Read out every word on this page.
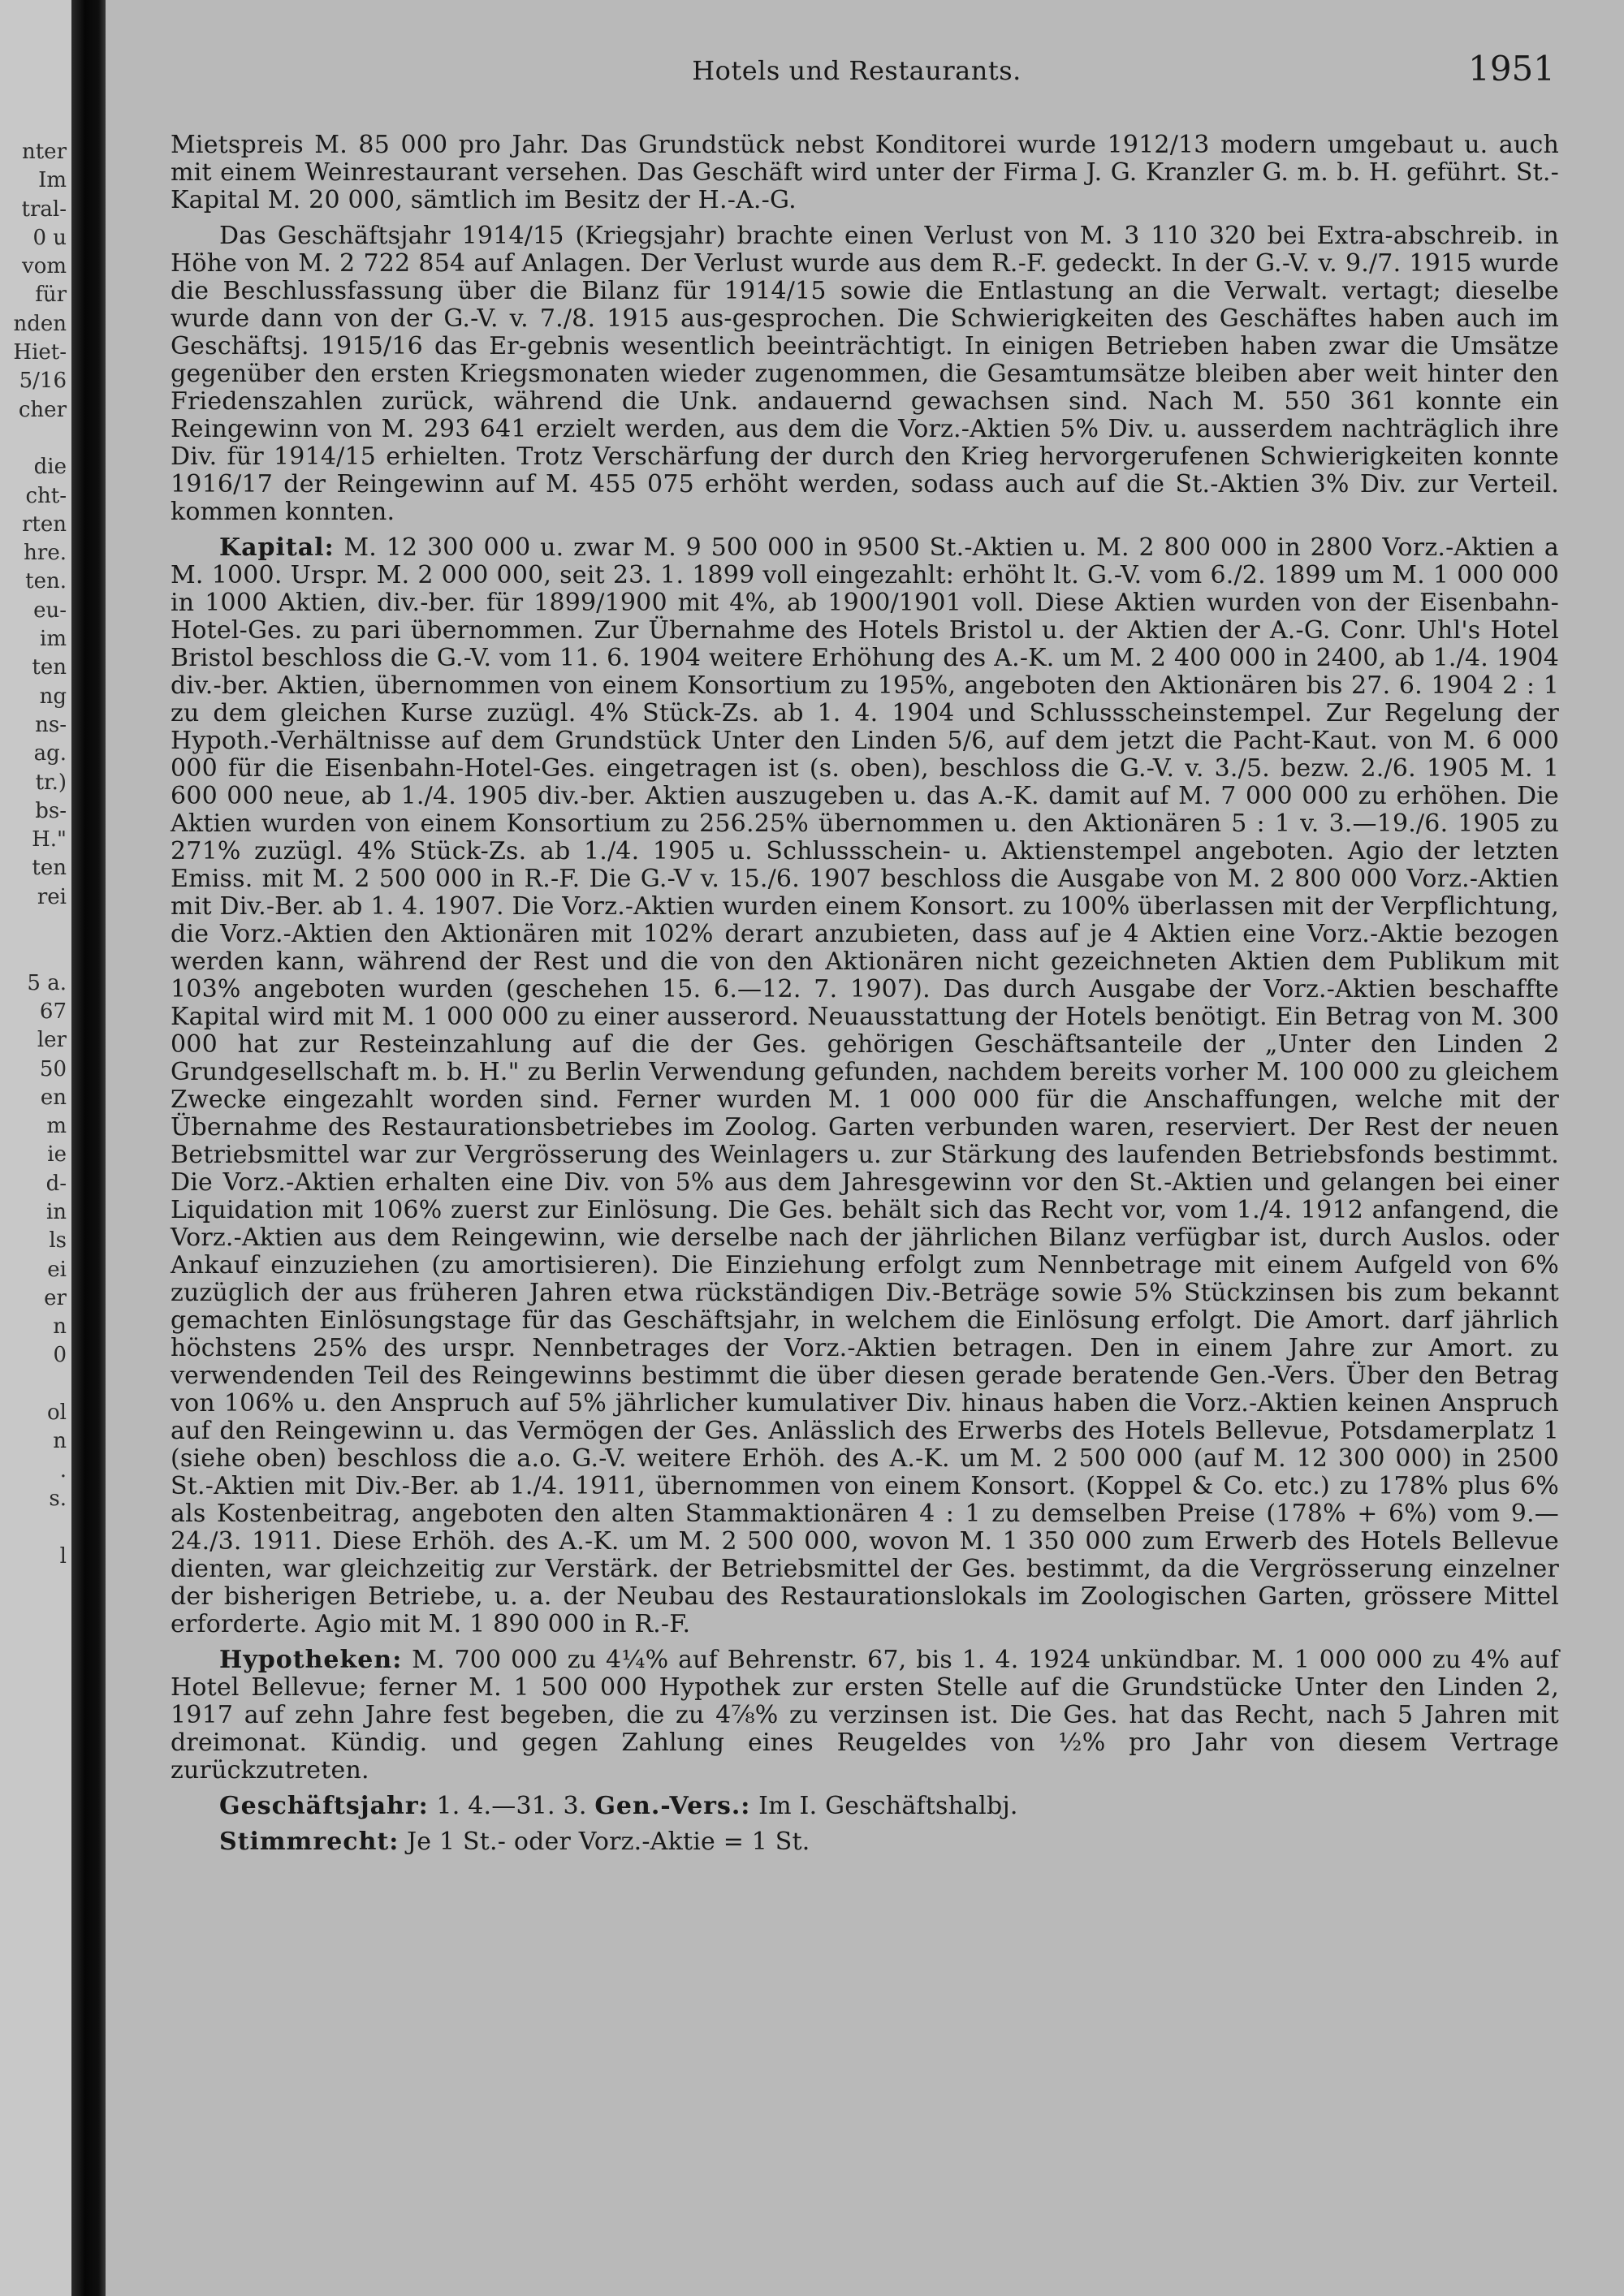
nter
Im
tral-
0 u
vom
für
nden
Hiet-
5/16
cher
die
cht-
rten
hre.
ten.
eu-
im
ten
ng
ns-
ag.
tr.)
bs-
H."
ten
rei
5 a.
67
ler
50
en
m
ie
d-
in
ls
ei
er
n
0
ol
n
.
s.
l
Hotels und Restaurants.	1951

Mietspreis M. 85 000 pro Jahr. Das Grundstück nebst Konditorei wurde 1912/13 modern umgebaut u. auch mit einem Weinrestaurant versehen. Das Geschäft wird unter der Firma J. G. Kranzler G. m. b. H. geführt. St.-Kapital M. 20 000, sämtlich im Besitz der H.-A.-G.

Das Geschäftsjahr 1914/15 (Kriegsjahr) brachte einen Verlust von M. 3 110 320 bei Extra-abschreib. in Höhe von M. 2 722 854 auf Anlagen. Der Verlust wurde aus dem R.-F. gedeckt. In der G.-V. v. 9./7. 1915 wurde die Beschlussfassung über die Bilanz für 1914/15 sowie die Entlastung an die Verwalt. vertagt; dieselbe wurde dann von der G.-V. v. 7./8. 1915 aus-gesprochen. Die Schwierigkeiten des Geschäftes haben auch im Geschäftsj. 1915/16 das Er-gebnis wesentlich beeinträchtigt. In einigen Betrieben haben zwar die Umsätze gegenüber den ersten Kriegsmonaten wieder zugenommen, die Gesamtumsätze bleiben aber weit hinter den Friedenszahlen zurück, während die Unk. andauernd gewachsen sind. Nach M. 550 361 konnte ein Reingewinn von M. 293 641 erzielt werden, aus dem die Vorz.-Aktien 5% Div. u. ausserdem nachträglich ihre Div. für 1914/15 erhielten. Trotz Verschärfung der durch den Krieg hervorgerufenen Schwierigkeiten konnte 1916/17 der Reingewinn auf M. 455 075 erhöht werden, sodass auch auf die St.-Aktien 3% Div. zur Verteil. kommen konnten.

Kapital: M. 12 300 000 u. zwar M. 9 500 000 in 9500 St.-Aktien u. M. 2 800 000 in 2800 Vorz.-Aktien a M. 1000. Urspr. M. 2 000 000, seit 23. 1. 1899 voll eingezahlt: erhöht lt. G.-V. vom 6./2. 1899 um M. 1 000 000 in 1000 Aktien, div.-ber. für 1899/1900 mit 4%, ab 1900/1901 voll. Diese Aktien wurden von der Eisenbahn-Hotel-Ges. zu pari übernommen. Zur Übernahme des Hotels Bristol u. der Aktien der A.-G. Conr. Uhl's Hotel Bristol beschloss die G.-V. vom 11. 6. 1904 weitere Erhöhung des A.-K. um M. 2 400 000 in 2400, ab 1./4. 1904 div.-ber. Aktien, übernommen von einem Konsortium zu 195%, angeboten den Aktionären bis 27. 6. 1904 2 : 1 zu dem gleichen Kurse zuzügl. 4% Stück-Zs. ab 1. 4. 1904 und Schlussscheinstempel. Zur Regelung der Hypoth.-Verhältnisse auf dem Grundstück Unter den Linden 5/6, auf dem jetzt die Pacht-Kaut. von M. 6 000 000 für die Eisenbahn-Hotel-Ges. eingetragen ist (s. oben), beschloss die G.-V. v. 3./5. bezw. 2./6. 1905 M. 1 600 000 neue, ab 1./4. 1905 div.-ber. Aktien auszugeben u. das A.-K. damit auf M. 7 000 000 zu erhöhen. Die Aktien wurden von einem Konsortium zu 256.25% übernommen u. den Aktionären 5 : 1 v. 3.—19./6. 1905 zu 271% zuzügl. 4% Stück-Zs. ab 1./4. 1905 u. Schlussschein- u. Aktienstempel angeboten. Agio der letzten Emiss. mit M. 2 500 000 in R.-F. Die G.-V v. 15./6. 1907 beschloss die Ausgabe von M. 2 800 000 Vorz.-Aktien mit Div.-Ber. ab 1. 4. 1907. Die Vorz.-Aktien wurden einem Konsort. zu 100% überlassen mit der Verpflichtung, die Vorz.-Aktien den Aktionären mit 102% derart anzubieten, dass auf je 4 Aktien eine Vorz.-Aktie bezogen werden kann, während der Rest und die von den Aktionären nicht gezeichneten Aktien dem Publikum mit 103% angeboten wurden (geschehen 15. 6.—12. 7. 1907). Das durch Ausgabe der Vorz.-Aktien beschaffte Kapital wird mit M. 1 000 000 zu einer ausserord. Neuausstattung der Hotels benötigt. Ein Betrag von M. 300 000 hat zur Resteinzahlung auf die der Ges. gehörigen Geschäftsanteile der „Unter den Linden 2 Grundgesellschaft m. b. H." zu Berlin Verwendung gefunden, nachdem bereits vorher M. 100 000 zu gleichem Zwecke eingezahlt worden sind. Ferner wurden M. 1 000 000 für die Anschaffungen, welche mit der Übernahme des Restaurationsbetriebes im Zoolog. Garten verbunden waren, reserviert. Der Rest der neuen Betriebsmittel war zur Vergrösserung des Weinlagers u. zur Stärkung des laufenden Betriebsfonds bestimmt. Die Vorz.-Aktien erhalten eine Div. von 5% aus dem Jahresgewinn vor den St.-Aktien und gelangen bei einer Liquidation mit 106% zuerst zur Einlösung. Die Ges. behält sich das Recht vor, vom 1./4. 1912 anfangend, die Vorz.-Aktien aus dem Reingewinn, wie derselbe nach der jährlichen Bilanz verfügbar ist, durch Auslos. oder Ankauf einzuziehen (zu amortisieren). Die Einziehung erfolgt zum Nennbetrage mit einem Aufgeld von 6% zuzüglich der aus früheren Jahren etwa rückständigen Div.-Beträge sowie 5% Stückzinsen bis zum bekannt gemachten Einlösungstage für das Geschäftsjahr, in welchem die Einlösung erfolgt. Die Amort. darf jährlich höchstens 25% des urspr. Nennbetrages der Vorz.-Aktien betragen. Den in einem Jahre zur Amort. zu verwendenden Teil des Reingewinns bestimmt die über diesen gerade beratende Gen.-Vers. Über den Betrag von 106% u. den Anspruch auf 5% jährlicher kumulativer Div. hinaus haben die Vorz.-Aktien keinen Anspruch auf den Reingewinn u. das Vermögen der Ges. Anlässlich des Erwerbs des Hotels Bellevue, Potsdamerplatz 1 (siehe oben) beschloss die a.o. G.-V. weitere Erhöh. des A.-K. um M. 2 500 000 (auf M. 12 300 000) in 2500 St.-Aktien mit Div.-Ber. ab 1./4. 1911, übernommen von einem Konsort. (Koppel & Co. etc.) zu 178% plus 6% als Kostenbeitrag, angeboten den alten Stammaktionären 4 : 1 zu demselben Preise (178% + 6%) vom 9.—24./3. 1911. Diese Erhöh. des A.-K. um M. 2 500 000, wovon M. 1 350 000 zum Erwerb des Hotels Bellevue dienten, war gleichzeitig zur Verstärk. der Betriebsmittel der Ges. bestimmt, da die Vergrösserung einzelner der bisherigen Betriebe, u. a. der Neubau des Restaurationslokals im Zoologischen Garten, grössere Mittel erforderte. Agio mit M. 1 890 000 in R.-F.

Hypotheken: M. 700 000 zu 4¼% auf Behrenstr. 67, bis 1. 4. 1924 unkündbar. M. 1 000 000 zu 4% auf Hotel Bellevue; ferner M. 1 500 000 Hypothek zur ersten Stelle auf die Grundstücke Unter den Linden 2, 1917 auf zehn Jahre fest begeben, die zu 4⅞% zu verzinsen ist. Die Ges. hat das Recht, nach 5 Jahren mit dreimonat. Kündig. und gegen Zahlung eines Reugeldes von ½% pro Jahr von diesem Vertrage zurückzutreten.

Geschäftsjahr: 1. 4.—31. 3. Gen.-Vers.: Im I. Geschäftshalbj.

Stimmrecht: Je 1 St.- oder Vorz.-Aktie = 1 St.
